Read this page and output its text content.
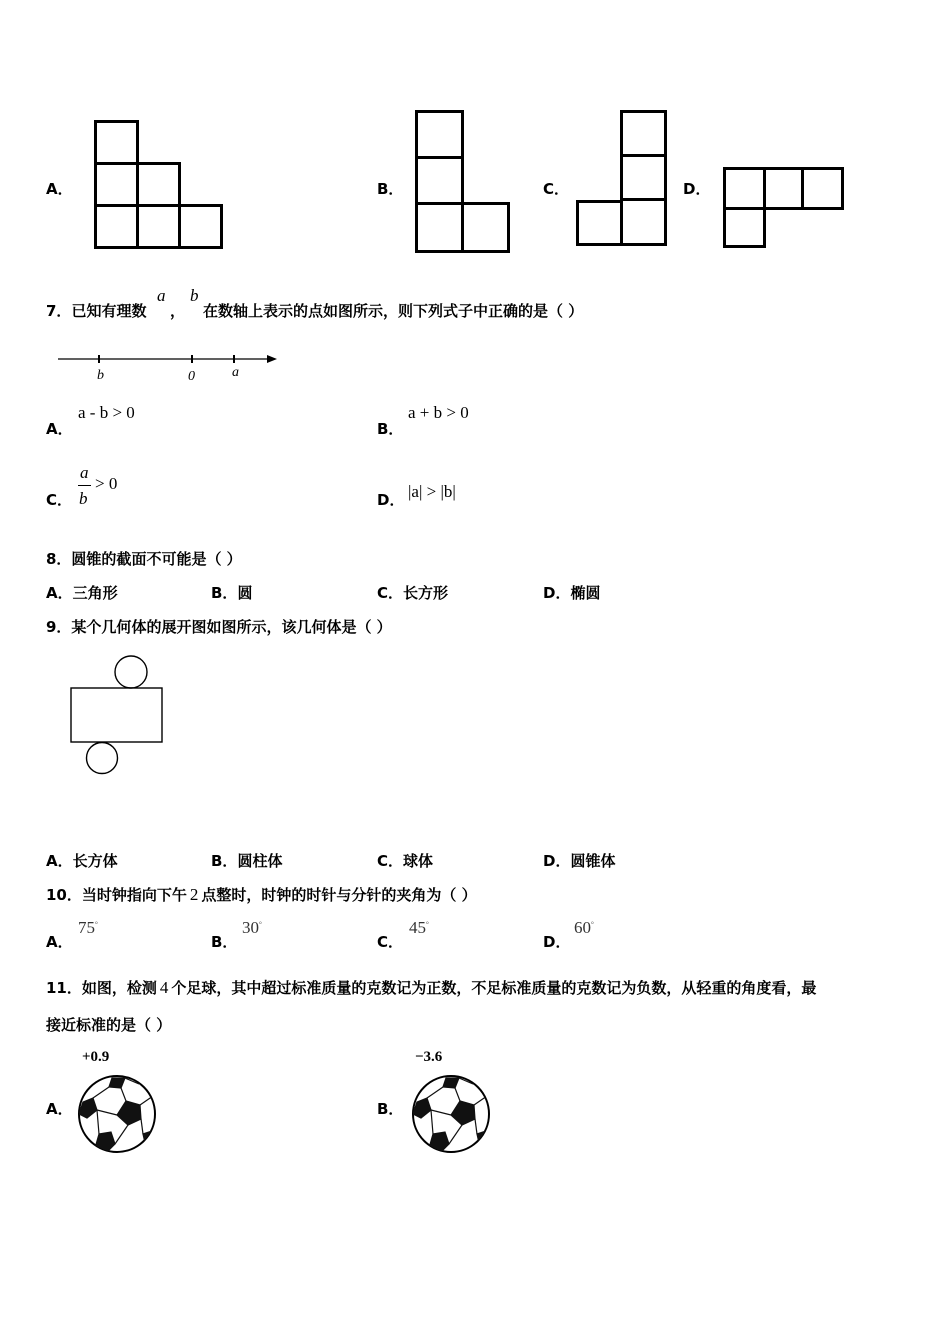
A．	B．	C．	D．
7．已知有理数
a
，
b
在数轴上表示的点如图所示，则下列式子中正确的是（ ）
b	0	a
A．
a - b > 0
B．
a + b > 0
C．
a
b
> 0
D． |a| > |b|
8．圆锥的截面不可能是（ ）
A．三角形	B．圆	C．长方形	D．椭圆
9．某个几何体的展开图如图所示，该几何体是（ ）
A．长方体	B．圆柱体	C．球体	D．圆锥体
10．当时钟指向下午 2 点整时，时钟的时针与分针的夹角为（ ）
A．
75°
B．
30°
C．
45°
D．
60°
11．如图，检测 4 个足球，其中超过标准质量的克数记为正数，不足标准质量的克数记为负数，从轻重的角度看，最
接近标准的是（ ）
A．
+0.9
B．
−3.6
